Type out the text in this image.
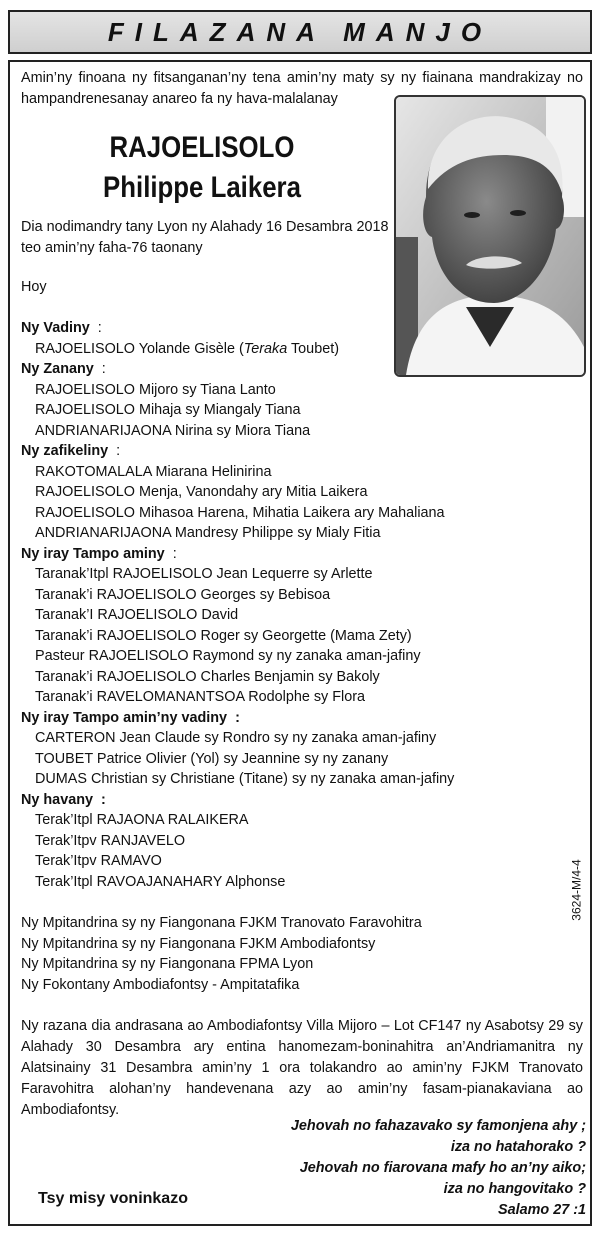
FILAZANA MANJO

Amin’ny finoana ny fitsanganan’ny tena amin’ny maty sy ny fiainana mandrakizay no hampandrenesanay anareo fa ny hava-malalanay

RAJOELISOLO
Philippe Laikera
Dia nodimandry tany Lyon ny Alahady 16 Desambra 2018
teo amin’ny faha-76 taonany
Hoy
Ny Vadiny  :
RAJOELISOLO Yolande Gisèle (Teraka Toubet)
Ny Zanany  :
RAJOELISOLO Mijoro sy Tiana Lanto
RAJOELISOLO Mihaja sy Miangaly Tiana
ANDRIANARIJAONA Nirina sy Miora Tiana
Ny zafikeliny  :
RAKOTOMALALA Miarana Helinirina
RAJOELISOLO Menja, Vanondahy ary Mitia Laikera
RAJOELISOLO Mihasoa Harena, Mihatia Laikera ary Mahaliana
ANDRIANARIJAONA Mandresy Philippe sy Mialy Fitia
Ny iray Tampo aminy  :
Taranak’Itpl RAJOELISOLO Jean Lequerre sy Arlette
Taranak’i RAJOELISOLO Georges sy Bebisoa
Taranak’I RAJOELISOLO David
Taranak’i RAJOELISOLO Roger sy Georgette (Mama Zety)
Pasteur RAJOELISOLO Raymond sy ny zanaka aman-jafiny
Taranak’i RAJOELISOLO Charles Benjamin sy Bakoly
Taranak’i RAVELOMANANTSOA Rodolphe sy Flora
Ny iray Tampo amin’ny vadiny :
CARTERON Jean Claude sy Rondro sy ny zanaka aman-jafiny
TOUBET Patrice Olivier (Yol) sy Jeannine sy ny zanany
DUMAS Christian sy Christiane (Titane) sy ny zanaka aman-jafiny
Ny havany :
Terak’Itpl RAJAONA RALAIKERA
Terak’Itpv RANJAVELO
Terak’Itpv RAMAVO
Terak’Itpl RAVOAJANAHARY Alphonse	3624-M/4-4
Ny Mpitandrina sy ny Fiangonana FJKM Tranovato Faravohitra
Ny Mpitandrina sy ny Fiangonana FJKM Ambodiafontsy
Ny Mpitandrina sy ny Fiangonana FPMA Lyon
Ny Fokontany Ambodiafontsy - Ampitatafika

Ny razana dia andrasana ao Ambodiafontsy Villa Mijoro – Lot CF147 ny Asabotsy 29 sy Alahady 30 Desambra ary entina hanomezam-boninahitra an’Andriamanitra ny Alatsinainy 31 Desambra amin’ny 1 ora tolakandro ao amin’ny FJKM Tranovato Faravohitra alohan’ny handevenana azy ao amin’ny fasam-pianakaviana ao Ambodiafontsy.

Jehovah no fahazavako sy famonjena ahy ;
iza no hatahorako ?
Jehovah no fiarovana mafy ho an’ny aiko;
iza no hangovitako ?
Salamo 27 :1
Tsy misy voninkazo
